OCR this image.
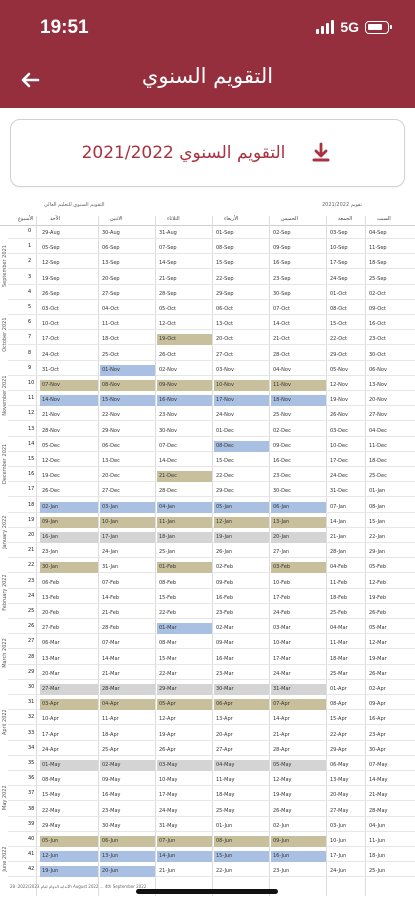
19:51	5G
التقويم السنوي
التقويم السنوي 2021/2022
التقويم السنوي للتعليم العالي	تقويم 2021/2022
الأسبوع	الأحد	الاثنين	الثلاثاء	الأربعاء	الخميس	الجمعة	السبت
0	29-Aug	30-Aug	31-Aug	01-Sep	02-Sep	03-Sep	04-Sep
1	05-Sep	06-Sep	07-Sep	08-Sep	09-Sep	10-Sep	11-Sep
2	12-Sep	13-Sep	14-Sep	15-Sep	16-Sep	17-Sep	18-Sep
3	19-Sep	20-Sep	21-Sep	22-Sep	23-Sep	24-Sep	25-Sep
4	26-Sep	27-Sep	28-Sep	29-Sep	30-Sep	01-Oct	02-Oct
5	03-Oct	04-Oct	05-Oct	06-Oct	07-Oct	08-Oct	09-Oct
6	10-Oct	11-Oct	12-Oct	13-Oct	14-Oct	15-Oct	16-Oct
7	17-Oct	18-Oct	19-Oct	20-Oct	21-Oct	22-Oct	23-Oct
8	24-Oct	25-Oct	26-Oct	27-Oct	28-Oct	29-Oct	30-Oct
9	31-Oct	01-Nov	02-Nov	03-Nov	04-Nov	05-Nov	06-Nov
10	07-Nov	08-Nov	09-Nov	10-Nov	11-Nov	12-Nov	13-Nov
11	14-Nov	15-Nov	16-Nov	17-Nov	18-Nov	19-Nov	20-Nov
12	21-Nov	22-Nov	23-Nov	24-Nov	25-Nov	26-Nov	27-Nov
13	28-Nov	29-Nov	30-Nov	01-Dec	02-Dec	03-Dec	04-Dec
14	05-Dec	06-Dec	07-Dec	08-Dec	09-Dec	10-Dec	11-Dec
15	12-Dec	13-Dec	14-Dec	15-Dec	16-Dec	17-Dec	18-Dec
16	19-Dec	20-Dec	21-Dec	22-Dec	23-Dec	24-Dec	25-Dec
17	26-Dec	27-Dec	28-Dec	29-Dec	30-Dec	31-Dec	01-Jan
18	02-Jan	03-Jan	04-Jan	05-Jan	06-Jan	07-Jan	08-Jan
19	09-Jan	10-Jan	11-Jan	12-Jan	13-Jan	14-Jan	15-Jan
20	16-Jan	17-Jan	18-Jan	19-Jan	20-Jan	21-Jan	22-Jan
21	23-Jan	24-Jan	25-Jan	26-Jan	27-Jan	28-Jan	29-Jan
22	30-Jan	31-Jan	01-Feb	02-Feb	03-Feb	04-Feb	05-Feb
23	06-Feb	07-Feb	08-Feb	09-Feb	10-Feb	11-Feb	12-Feb
24	13-Feb	14-Feb	15-Feb	16-Feb	17-Feb	18-Feb	19-Feb
25	20-Feb	21-Feb	22-Feb	23-Feb	24-Feb	25-Feb	26-Feb
26	27-Feb	28-Feb	01-Mar	02-Mar	03-Mar	04-Mar	05-Mar
27	06-Mar	07-Mar	08-Mar	09-Mar	10-Mar	11-Mar	12-Mar
28	13-Mar	14-Mar	15-Mar	16-Mar	17-Mar	18-Mar	19-Mar
29	20-Mar	21-Mar	22-Mar	23-Mar	24-Mar	25-Mar	26-Mar
30	27-Mar	28-Mar	29-Mar	30-Mar	31-Mar	01-Apr	02-Apr
31	03-Apr	04-Apr	05-Apr	06-Apr	07-Apr	08-Apr	09-Apr
32	10-Apr	11-Apr	12-Apr	13-Apr	14-Apr	15-Apr	16-Apr
33	17-Apr	18-Apr	19-Apr	20-Apr	21-Apr	22-Apr	23-Apr
34	24-Apr	25-Apr	26-Apr	27-Apr	28-Apr	29-Apr	30-Apr
35	01-May	02-May	03-May	04-May	05-May	06-May	07-May
36	08-May	09-May	10-May	11-May	12-May	13-May	14-May
37	15-May	16-May	17-May	18-May	19-May	20-May	21-May
38	22-May	23-May	24-May	25-May	26-May	27-May	28-May
39	29-May	30-May	31-May	01-Jun	02-Jun	03-Jun	04-Jun
40	05-Jun	06-Jun	07-Jun	08-Jun	09-Jun	10-Jun	11-Jun
41	12-Jun	13-Jun	14-Jun	15-Jun	16-Jun	17-Jun	18-Jun
42	19-Jun	20-Jun	21-Jun	22-Jun	23-Jun	24-Jun	25-Jun
September 2021
October 2021
November 2021
December 2021
January 2022
February 2022
March 2022
April 2022
May 2022
June 2022
بداية الدوام لعام 2022/2023: 28th August 2022 ... 4th September 2022
